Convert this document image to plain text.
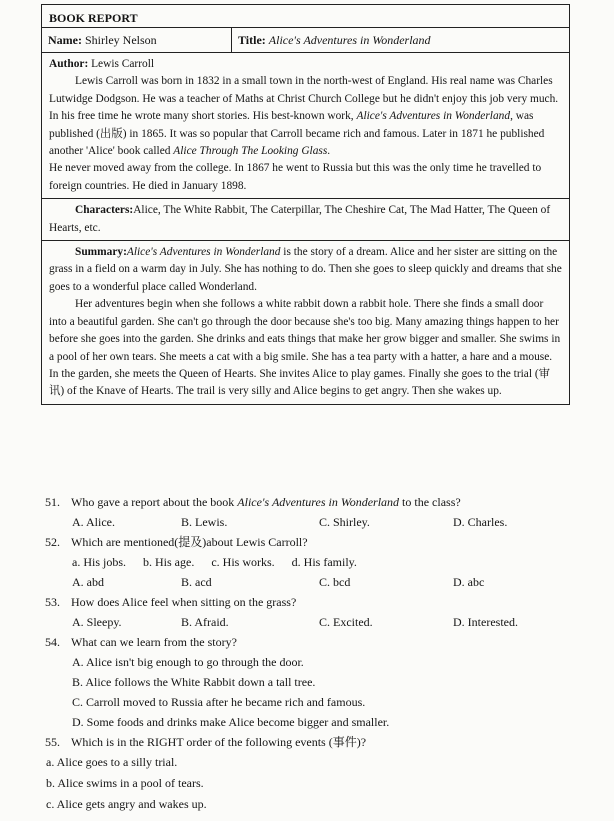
BOOK REPORT
Name: Shirley Nelson	Title: Alice's Adventures in Wonderland

Author: Lewis Carroll

Lewis Carroll was born in 1832 in a small town in the north-west of England. His real name was Charles Lutwidge Dodgson. He was a teacher of Maths at Christ Church College but he didn't enjoy this job very much.

In his free time he wrote many short stories. His best-known work, Alice's Adventures in Wonderland, was published (出版) in 1865. It was so popular that Carroll became rich and famous. Later in 1871 he published another 'Alice' book called Alice Through The Looking Glass.

He never moved away from the college. In 1867 he went to Russia but this was the only time he travelled to foreign countries. He died in January 1898.

Characters:Alice, The White Rabbit, The Caterpillar, The Cheshire Cat, The Mad Hatter, The Queen of Hearts, etc.

Summary:Alice's Adventures in Wonderland is the story of a dream. Alice and her sister are sitting on the grass in a field on a warm day in July. She has nothing to do. Then she goes to sleep quickly and dreams that she goes to a wonderful place called Wonderland.

Her adventures begin when she follows a white rabbit down a rabbit hole. There she finds a small door into a beautiful garden. She can't go through the door because she's too big. Many amazing things happen to her before she goes into the garden. She drinks and eats things that make her grow bigger and smaller. She swims in a pool of her own tears. She meets a cat with a big smile. She has a tea party with a hatter, a hare and a mouse. In the garden, she meets the Queen of Hearts. She invites Alice to play games. Finally she goes to the trial (审讯) of the Knave of Hearts. The trail is very silly and Alice begins to get angry. Then she wakes up.

51. Who gave a report about the book Alice's Adventures in Wonderland to the class?
A. Alice.	B. Lewis.	C. Shirley.	D. Charles.
52. Which are mentioned(提及)about Lewis Carroll?
a. His jobs. b. His age. c. His works. d. His family.
A. abd	B. acd	C. bcd	D. abc
53. How does Alice feel when sitting on the grass?
A. Sleepy.	B. Afraid.	C. Excited.	D. Interested.
54. What can we learn from the story?
A. Alice isn't big enough to go through the door.
B. Alice follows the White Rabbit down a tall tree.
C. Carroll moved to Russia after he became rich and famous.
D. Some foods and drinks make Alice become bigger and smaller.
55. Which is in the RIGHT order of the following events (事件)?
a. Alice goes to a silly trial.
b. Alice swims in a pool of tears.
c. Alice gets angry and wakes up.
